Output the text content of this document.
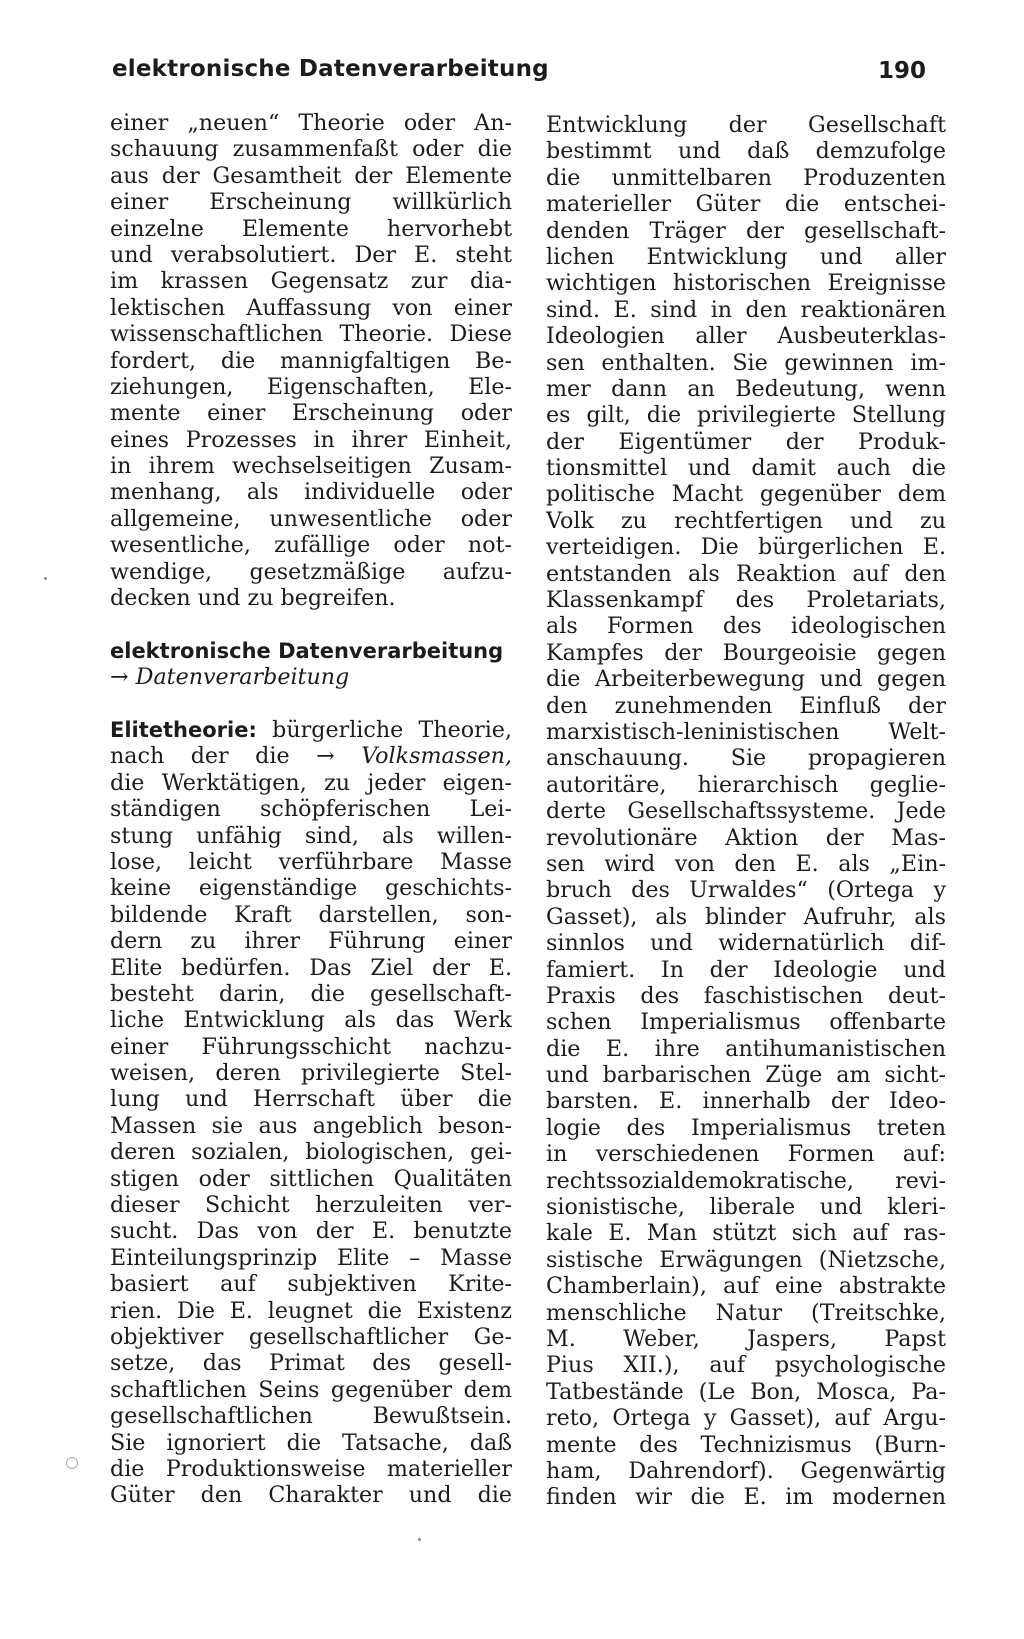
elektronische Datenverarbeitung	190
einer „neuen“ Theorie oder An-
schauung zusammenfaßt oder die
aus der Gesamtheit der Elemente
einer Erscheinung willkürlich
einzelne Elemente hervorhebt
und verabsolutiert. Der E. steht
im krassen Gegensatz zur dia-
lektischen Auffassung von einer
wissenschaftlichen Theorie. Diese
fordert, die mannigfaltigen Be-
ziehungen, Eigenschaften, Ele-
mente einer Erscheinung oder
eines Prozesses in ihrer Einheit,
in ihrem wechselseitigen Zusam-
menhang, als individuelle oder
allgemeine, unwesentliche oder
wesentliche, zufällige oder not-
wendige, gesetzmäßige aufzu-
decken und zu begreifen.
elektronische Datenverarbeitung
→ Datenverarbeitung
Elitetheorie: bürgerliche Theorie,
nach der die → Volksmassen,
die Werktätigen, zu jeder eigen-
ständigen schöpferischen Lei-
stung unfähig sind, als willen-
lose, leicht verführbare Masse
keine eigenständige geschichts-
bildende Kraft darstellen, son-
dern zu ihrer Führung einer
Elite bedürfen. Das Ziel der E.
besteht darin, die gesellschaft-
liche Entwicklung als das Werk
einer Führungsschicht nachzu-
weisen, deren privilegierte Stel-
lung und Herrschaft über die
Massen sie aus angeblich beson-
deren sozialen, biologischen, gei-
stigen oder sittlichen Qualitäten
dieser Schicht herzuleiten ver-
sucht. Das von der E. benutzte
Einteilungsprinzip Elite – Masse
basiert auf subjektiven Krite-
rien. Die E. leugnet die Existenz
objektiver gesellschaftlicher Ge-
setze, das Primat des gesell-
schaftlichen Seins gegenüber dem
gesellschaftlichen Bewußtsein.
Sie ignoriert die Tatsache, daß
die Produktionsweise materieller
Güter den Charakter und die
Entwicklung der Gesellschaft
bestimmt und daß demzufolge
die unmittelbaren Produzenten
materieller Güter die entschei-
denden Träger der gesellschaft-
lichen Entwicklung und aller
wichtigen historischen Ereignisse
sind. E. sind in den reaktionären
Ideologien aller Ausbeuterklas-
sen enthalten. Sie gewinnen im-
mer dann an Bedeutung, wenn
es gilt, die privilegierte Stellung
der Eigentümer der Produk-
tionsmittel und damit auch die
politische Macht gegenüber dem
Volk zu rechtfertigen und zu
verteidigen. Die bürgerlichen E.
entstanden als Reaktion auf den
Klassenkampf des Proletariats,
als Formen des ideologischen
Kampfes der Bourgeoisie gegen
die Arbeiterbewegung und gegen
den zunehmenden Einfluß der
marxistisch-leninistischen Welt-
anschauung. Sie propagieren
autoritäre, hierarchisch geglie-
derte Gesellschaftssysteme. Jede
revolutionäre Aktion der Mas-
sen wird von den E. als „Ein-
bruch des Urwaldes“ (Ortega y
Gasset), als blinder Aufruhr, als
sinnlos und widernatürlich dif-
famiert. In der Ideologie und
Praxis des faschistischen deut-
schen Imperialismus offenbarte
die E. ihre antihumanistischen
und barbarischen Züge am sicht-
barsten. E. innerhalb der Ideo-
logie des Imperialismus treten
in verschiedenen Formen auf:
rechtssozialdemokratische, revi-
sionistische, liberale und kleri-
kale E. Man stützt sich auf ras-
sistische Erwägungen (Nietzsche,
Chamberlain), auf eine abstrakte
menschliche Natur (Treitschke,
M. Weber, Jaspers, Papst
Pius XII.), auf psychologische
Tatbestände (Le Bon, Mosca, Pa-
reto, Ortega y Gasset), auf Argu-
mente des Technizismus (Burn-
ham, Dahrendorf). Gegenwärtig
finden wir die E. im modernen
